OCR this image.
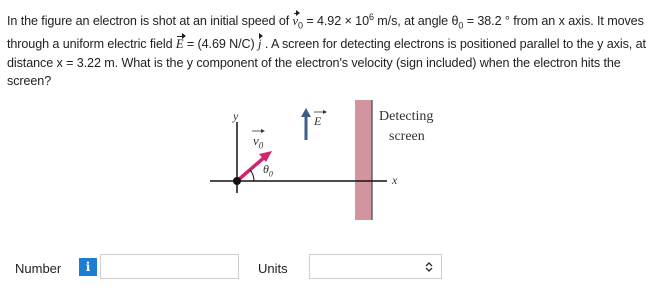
In the figure an electron is shot at an initial speed of $v_0 = 4.92 \times 10^6$ m/s, at angle $\theta_0 = 38.2$ ° from an x axis. It moves through a uniform electric field E = (4.69 N/C) j . A screen for detecting electrons is positioned parallel to the y axis, at distance x = 3.22 m. What is the y component of the electron's velocity (sign included) when the electron hits the screen?
y
x
$v_0$
$\theta_0$
E	Detecting
screen
Number	i	Units
